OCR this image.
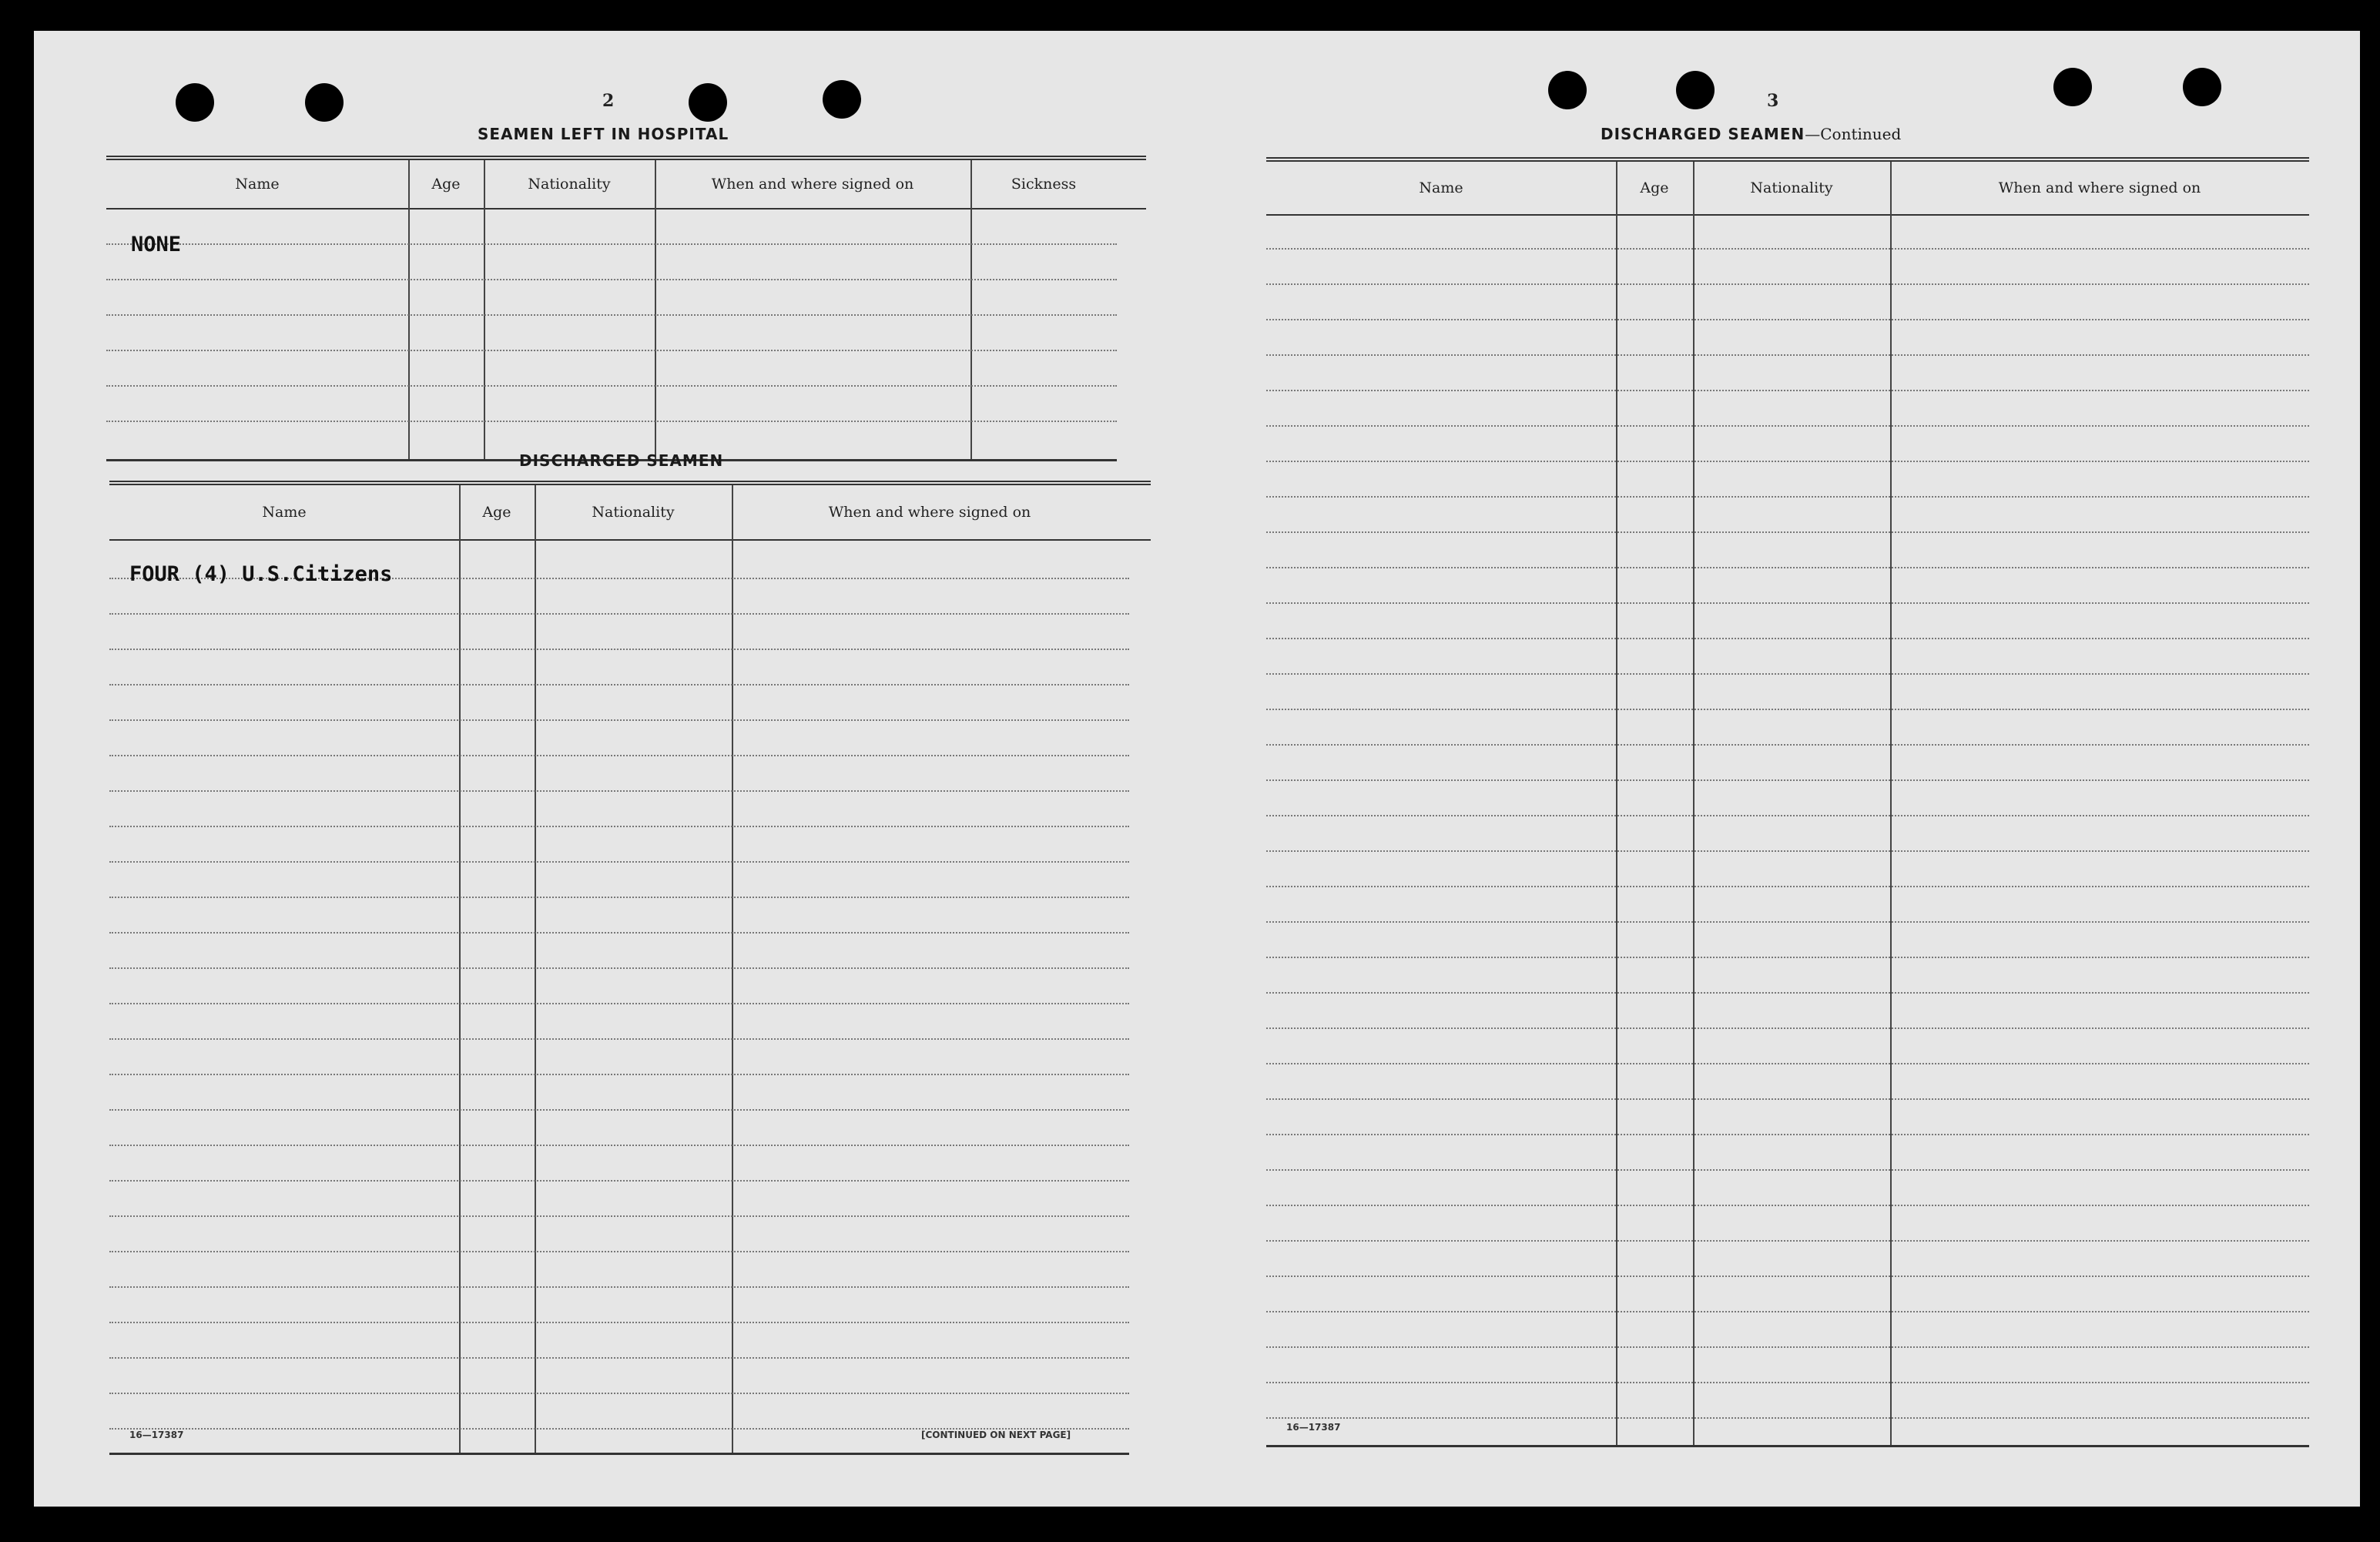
2
SEAMEN LEFT IN HOSPITAL
Name	Age	Nationality	When and where signed on	Sickness
NONE
DISCHARGED SEAMEN
Name	Age	Nationality	When and where signed on
FOUR (4) U.S.Citizens
16—17387	[CONTINUED ON NEXT PAGE]
3
DISCHARGED SEAMEN—Continued
Name	Age	Nationality	When and where signed on
16—17387
